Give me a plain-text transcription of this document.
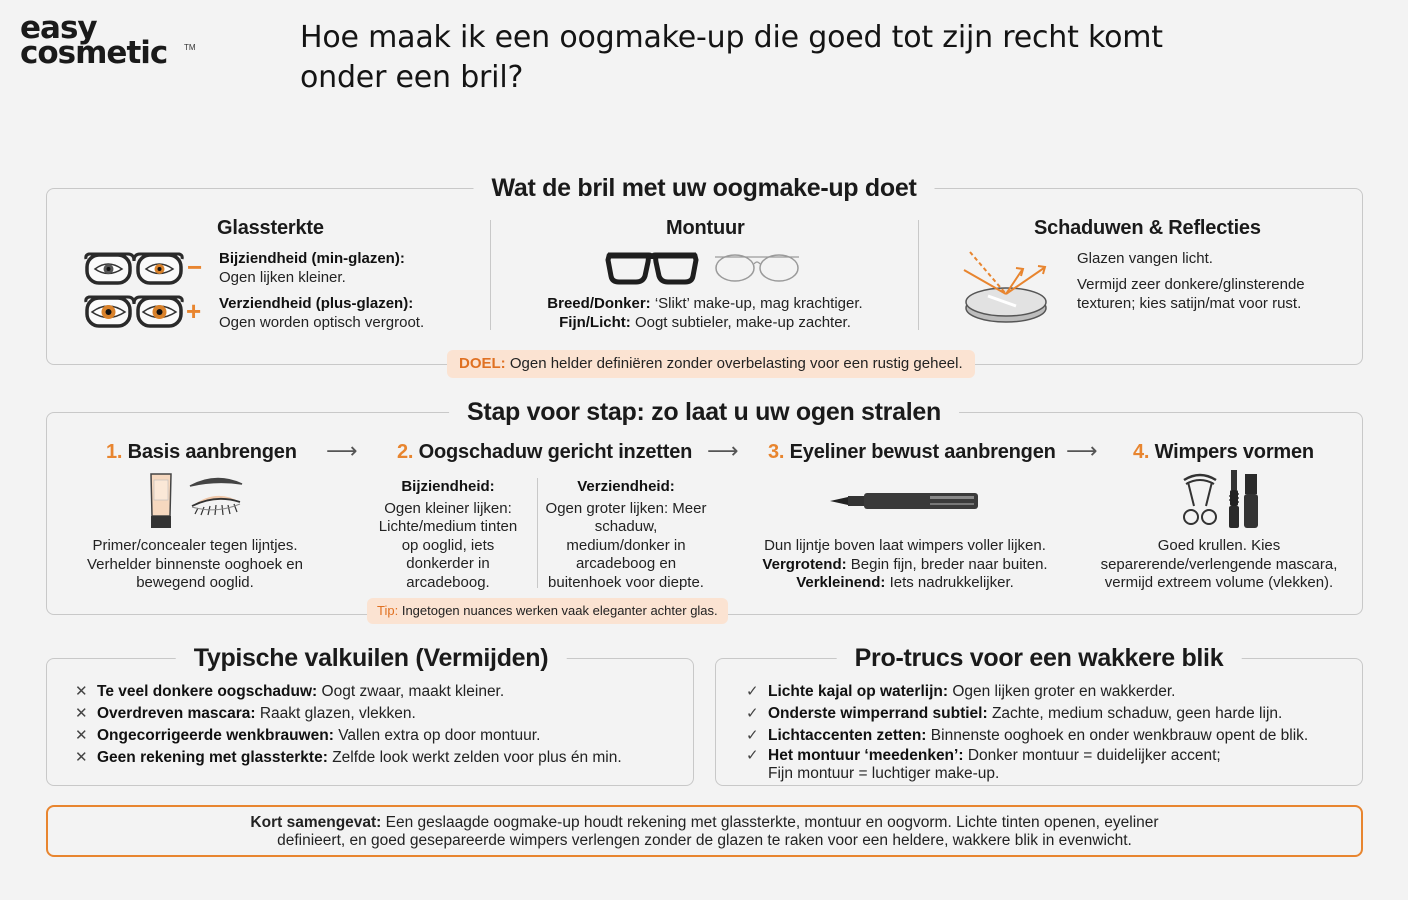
easy
cosmetic	TM	Hoe maak ik een oogmake-up die goed tot zijn recht komt onder een bril?
Wat de bril met uw oogmake-up doet
Glassterkte
−
+
Bijziendheid (min-glazen):
Ogen lijken kleiner.
Verziendheid (plus-glazen):
Ogen worden optisch vergroot.
Montuur
Breed/Donker: ‘Slikt’ make-up, mag krachtiger.
Fijn/Licht: Oogt subtieler, make-up zachter.
Schaduwen & Reflecties
Glazen vangen licht.
Vermijd zeer donkere/glinsterende texturen; kies satijn/mat voor rust.
DOEL: Ogen helder definiëren zonder overbelasting voor een rustig geheel.
Stap voor stap: zo laat u uw ogen stralen
1. Basis aanbrengen
Primer/concealer tegen lijntjes. Verhelder binnenste ooghoek en bewegend ooglid.
⟶ 2. Oogschaduw gericht inzetten
Bijziendheid:
Ogen kleiner lijken: Lichte/medium tinten op ooglid, iets donkerder in arcadeboog.
Verziendheid:
Ogen groter lijken: Meer schaduw, medium/donker in arcadeboog en buitenhoek voor diepte.
Tip: Ingetogen nuances werken vaak eleganter achter glas.
⟶ 3. Eyeliner bewust aanbrengen
Dun lijntje boven laat wimpers voller lijken.
Vergrotend: Begin fijn, breder naar buiten.
Verkleinend: Iets nadrukkelijker.
⟶ 4. Wimpers vormen
Goed krullen. Kies separerende/verlengende mascara, vermijd extreem volume (vlekken).
Typische valkuilen (Vermijden)
✕ Te veel donkere oogschaduw: Oogt zwaar, maakt kleiner.
✕ Overdreven mascara: Raakt glazen, vlekken.
✕ Ongecorrigeerde wenkbrauwen: Vallen extra op door montuur.
✕ Geen rekening met glassterkte: Zelfde look werkt zelden voor plus én min.
Pro-trucs voor een wakkere blik
✓ Lichte kajal op waterlijn: Ogen lijken groter en wakkerder.
✓ Onderste wimperrand subtiel: Zachte, medium schaduw, geen harde lijn.
✓ Lichtaccenten zetten: Binnenste ooghoek en onder wenkbrauw opent de blik.
✓ Het montuur ‘meedenken’: Donker montuur = duidelijker accent;
Fijn montuur = luchtiger make-up.
Kort samengevat: Een geslaagde oogmake-up houdt rekening met glassterkte, montuur en oogvorm. Lichte tinten openen, eyeliner
definieert, en goed gesepareerde wimpers verlengen zonder de glazen te raken voor een heldere, wakkere blik in evenwicht.
